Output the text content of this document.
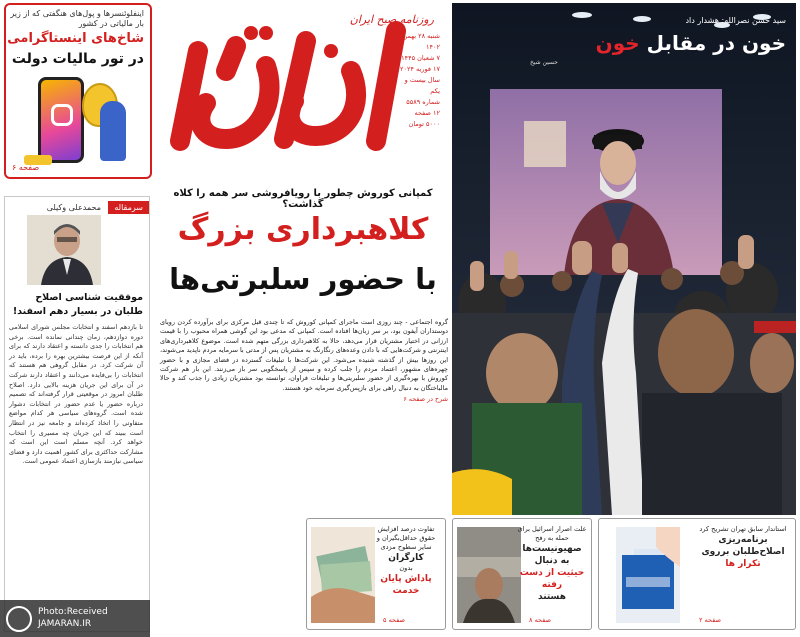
اینفلوئنسرها و پول‌های هنگفتی که از زیر بار مالیاتی در کشور
شاخ‌های اینستاگرامی
در تور مالیات دولت
صفحه ۶
روزنامه صبح ایران
شنبه ۲۸ بهمن ۱۴۰۲
۷ شعبان ۱۴۴۵
۱۷ فوریه ۲۰۲۴
سال بیست و یکم
شماره ۵۵۸۹
۱۲ صفحه
۵۰۰۰ تومان
سید حسن نصرالله: هشدار داد
خون در مقابل خون
حسین شیخ
سرمقاله
محمدعلی وکیلی
موفقیت شناسی اصلاح طلبان در بسیار دهم اسفند!
تا بازدهم اسفند و انتخابات مجلس شورای اسلامی دوره دوازدهم، زمان چندانی نمانده است. برخی هم انتخابات را جدی دانسته و اعتقاد دارند که برای آنکه از این فرصت بیشترین بهره را برده، باید در آن شرکت کرد. در مقابل گروهی هم هستند که انتخابات را بی‌فایده می‌دانند و اعتقاد دارند شرکت در آن برای این جریان هزینه بالایی دارد. اصلاح طلبان امروز در موقعیتی قرار گرفته‌اند که تصمیم درباره حضور یا عدم حضور در انتخابات دشوار شده است. گروه‌های سیاسی هر کدام مواضع متفاوتی را اتخاذ کرده‌اند و جامعه نیز در انتظار است ببیند که این جریان چه مسیری را انتخاب خواهد کرد. آنچه مسلم است این است که مشارکت حداکثری برای کشور اهمیت دارد و فضای سیاسی نیازمند بازسازی اعتماد عمومی است.
کمپانی کوروش چطور با رویافروشی سر همه را کلاه گذاشت؟
کلاهبرداری بزرگ
با حضور سلبرتی‌ها
گروه اجتماعی - چند روزی است ماجرای کمپانی کوروش که تا چندی قبل مرکزی برای برآورده کردن رویای دوستداران آیفون بود، بر سر زبان‌ها افتاده است. کمپانی که مدعی بود این گوشی همراه محبوب را با قیمت ارزانی در اختیار مشتریان قرار می‌دهد، حالا به کلاهبرداری بزرگی متهم شده است. موضوع کلاهبرداری‌های اینترنتی و شرکت‌هایی که با دادن وعده‌های رنگارنگ به مشتریان پس از مدتی با سرمایه مردم ناپدید می‌شوند، این روزها بیش از گذشته شنیده می‌شود. این شرکت‌ها با تبلیغات گسترده در فضای مجازی و با حضور چهره‌های مشهور، اعتماد مردم را جلب کرده و سپس از پاسخگویی سر باز می‌زنند. این بار هم شرکت کوروش با بهره‌گیری از حضور سلبریتی‌ها و تبلیغات فراوان، توانسته بود مشتریان زیادی را جذب کند و حالا مالباختگان به دنبال راهی برای بازپس‌گیری سرمایه خود هستند.
شرح در صفحه ۶
استاندار سابق تهران تشریح کرد
برنامه‌ریزی اصلاح‌طلبان برروی
تکرار ها
صفحه ۲
علت اصرار اسرائیل برای حمله به رفح
صهیونیست‌ها به دنبال
حیثیت از دست رفته
هستند
صفحه ۸
تفاوت درصد افزایش حقوق حداقل‌بگیران و سایر سطوح مزدی
کارگران
بدون
پاداش پایان خدمت
صفحه ۵
Photo:Received
JAMARAN.IR
